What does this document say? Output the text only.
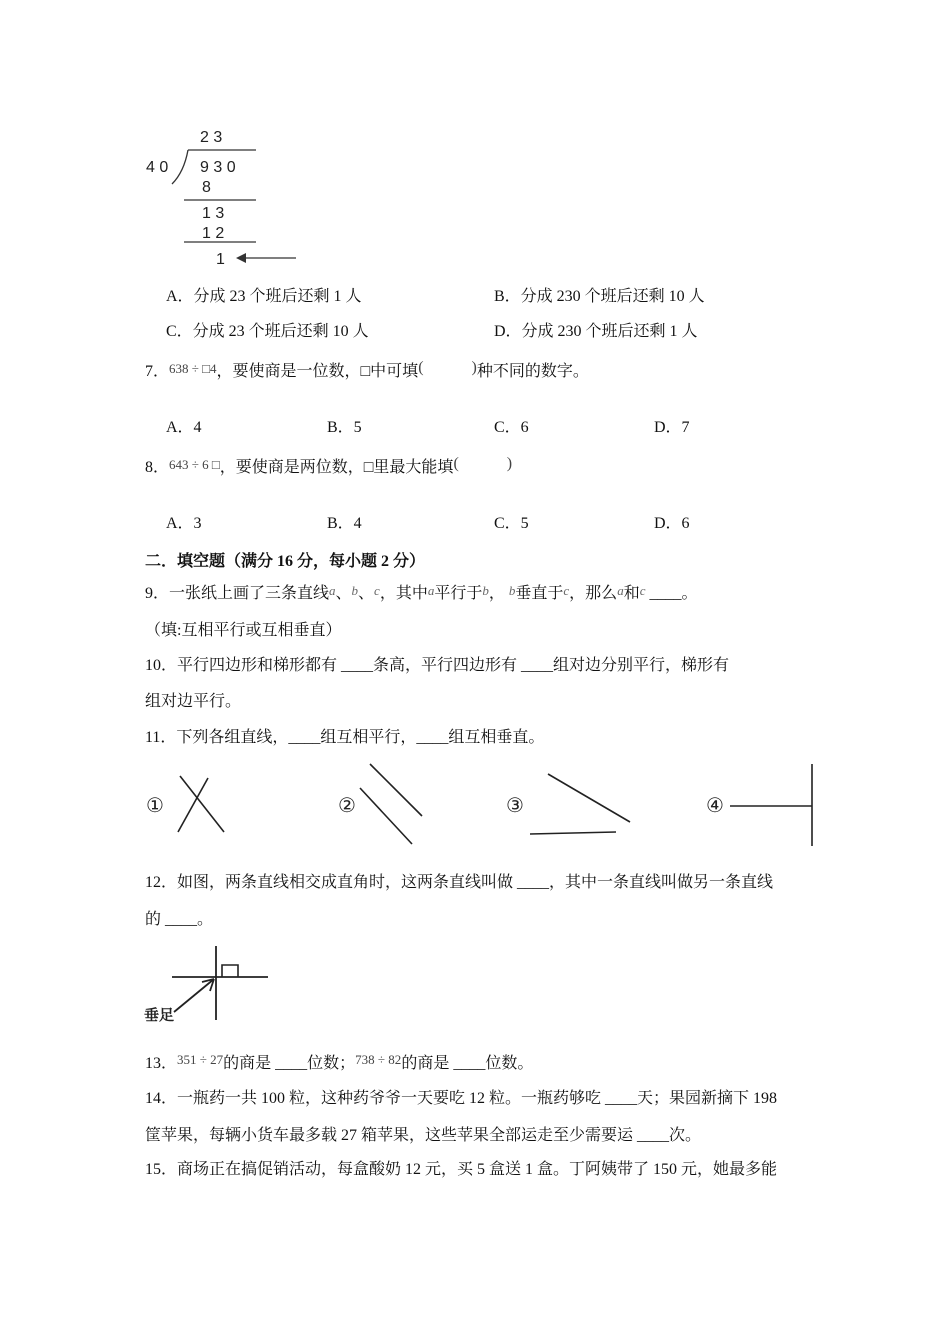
2 3
4 0 9 3 0
8
1 3
1 2
1
A．分成 23 个班后还剩 1 人	B．分成 230 个班后还剩 10 人
C．分成 23 个班后还剩 10 人	D．分成 230 个班后还剩 1 人
7．638 ÷ □4，要使商是一位数，□中可填(　　　)种不同的数字。
A．4	B．5	C．6	D．7
8．643 ÷ 6 □，要使商是两位数，□里最大能填(　　　)
A．3	B．4	C．5	D．6
二．填空题（满分 16 分，每小题 2 分）
9．一张纸上画了三条直线a、b、c，其中a平行于b， b垂直于c，那么a和c ____。
（填:互相平行或互相垂直）
10．平行四边形和梯形都有 ____条高，平行四边形有 ____组对边分别平行，梯形有
组对边平行。
11．下列各组直线，____组互相平行，____组互相垂直。
①	②	③	④
12．如图，两条直线相交成直角时，这两条直线叫做 ____，其中一条直线叫做另一条直线
的 ____。
垂足
13．$^{351 \div 27}$的商是 ____位数；$^{738 \div 82}$的商是 ____位数。
14．一瓶药一共 100 粒，这种药爷爷一天要吃 12 粒。一瓶药够吃 ____天；果园新摘下 198
筐苹果，每辆小货车最多载 27 箱苹果，这些苹果全部运走至少需要运 ____次。
15．商场正在搞促销活动，每盒酸奶 12 元，买 5 盒送 1 盒。丁阿姨带了 150 元，她最多能
